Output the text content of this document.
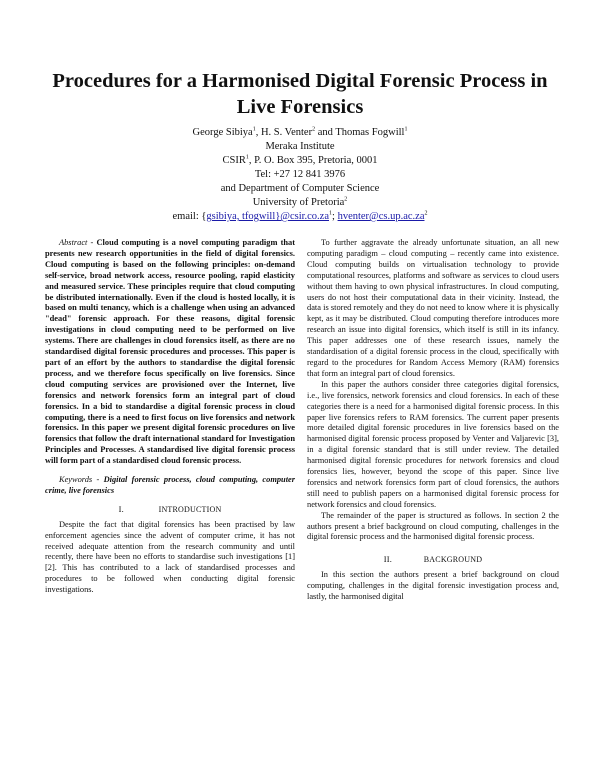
Procedures for a Harmonised Digital Forensic Process in Live Forensics
George Sibiya$^1$, H. S. Venter$^2$ and Thomas Fogwill$^1$
Meraka Institute
CSIR$^1$, P. O. Box 395, Pretoria, 0001
Tel: +27 12 841 3976
and Department of Computer Science
University of Pretoria$^2$
email: {gsibiya, $tfogwill\}@csir.co.za^1$; $hventer@cs.up.ac.za^2$

Abstract - Cloud computing is a novel computing paradigm that presents new research opportunities in the field of digital forensics. Cloud computing is based on the following principles: on-demand self-service, broad network access, resource pooling, rapid elasticity and measured service. These principles require that cloud computing be distributed internationally. Even if the cloud is hosted locally, it is based on multi tenancy, which is a challenge when using an advanced "dead" forensic approach. For these reasons, digital forensic investigations in cloud computing need to be performed on live systems. There are challenges in cloud forensics itself, as there are no standardised digital forensic procedures and processes. This paper is part of an effort by the authors to standardise the digital forensic process, and we therefore focus specifically on live forensics. Since cloud computing services are provisioned over the Internet, live forensics and network forensics form an integral part of cloud forensics. In a bid to standardise a digital forensic process in cloud computing, there is a need to first focus on live forensics and network forensics. In this paper we present digital forensic procedures on live forensics that follow the draft international standard for Investigation Principles and Processes. A standardised live digital forensic process will form part of a standardised cloud forensic process.

Keywords - Digital forensic process, cloud computing, computer crime, live forensics

I.	INTRODUCTION

Despite the fact that digital forensics has been practised by law enforcement agencies since the advent of computer crime, it has not received adequate attention from the research community and until recently, there have been no efforts to standardise such investigations [1] [2]. This has contributed to a lack of standardised processes and procedures to be followed when conducting digital forensic investigations.

To further aggravate the already unfortunate situation, an all new computing paradigm – cloud computing – recently came into existence. Cloud computing builds on virtualisation technology to provide computational resources, platforms and software as services to cloud users without them having to own physical infrastructures. In cloud computing, users do not host their computational data in their vicinity. Instead, the data is stored remotely and they do not need to know where it is physically kept, as it may be distributed. Cloud computing therefore introduces more research an issue into digital forensics, which itself is still in its infancy. This paper addresses one of these research issues, namely the standardisation of a digital forensic process in the cloud, specifically with regard to the procedures for Random Access Memory (RAM) forensics that form an integral part of cloud forensics.

In this paper the authors consider three categories digital forensics, i.e., live forensics, network forensics and cloud forensics. In each of these categories there is a need for a harmonised digital forensic process. In this paper live forensics refers to RAM forensics. The current paper presents more detailed digital forensic procedures in live forensics based on the harmonised digital forensic process proposed by Venter and Valjarevic [3], in a digital forensic standard that is still under review. The detailed harmonised digital forensic procedures for network forensics and cloud forensics lies, however, beyond the scope of this paper. Since live forensics and network forensics form part of cloud forensics, the authors still need to publish papers on a harmonised digital forensic process for network forensics and cloud forensics.

The remainder of the paper is structured as follows. In section 2 the authors present a brief background on cloud computing, challenges in the digital forensic process and the harmonised digital forensic process.

II.	BACKGROUND

In this section the authors present a brief background on cloud computing, challenges in the digital forensic investigation process and, lastly, the harmonised digital
